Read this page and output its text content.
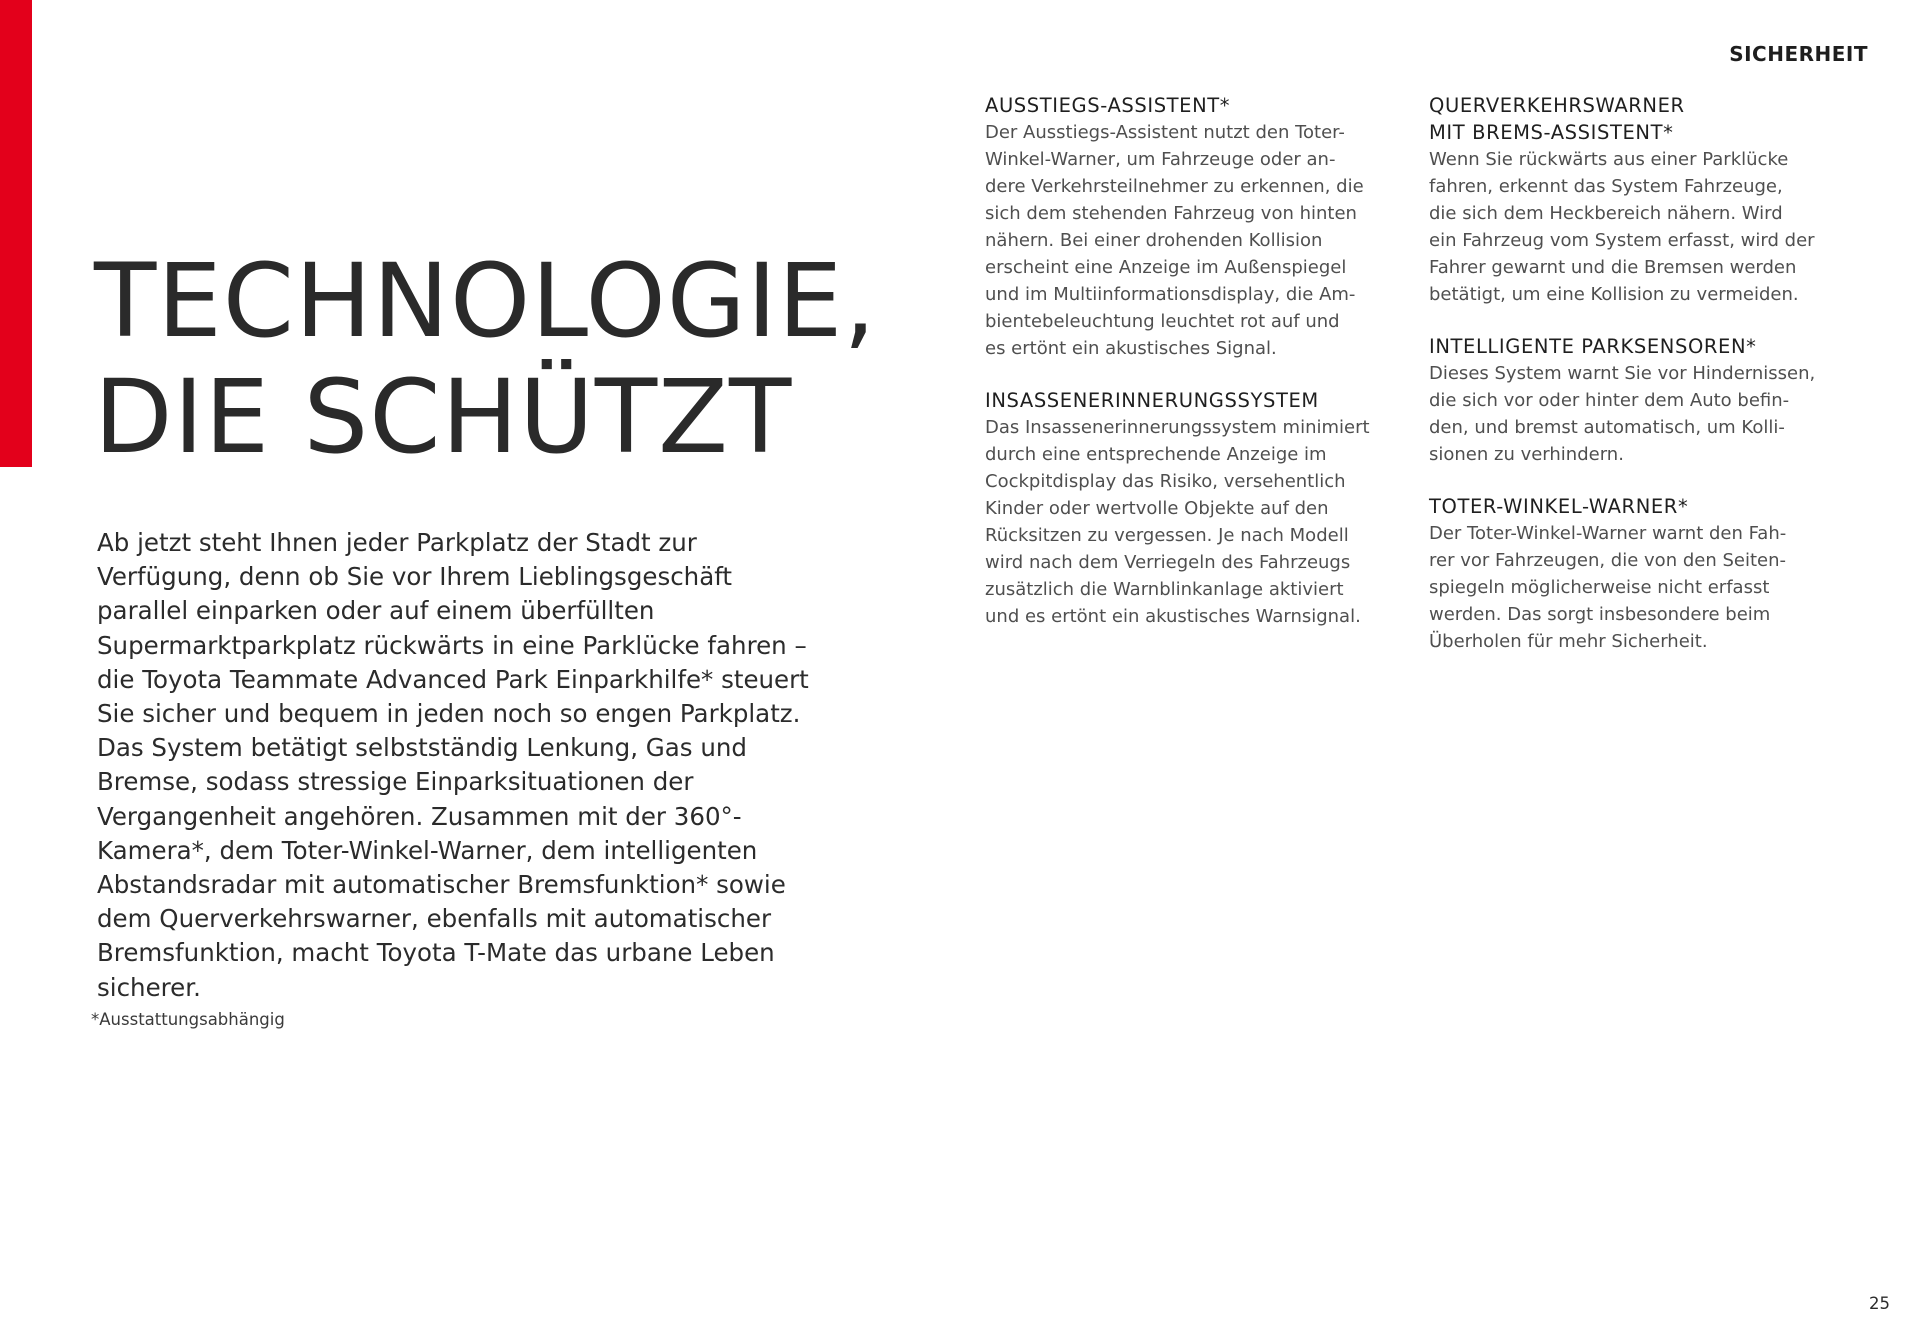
SICHERHEIT
TECHNOLOGIE,
DIE SCHÜTZT

Ab jetzt steht Ihnen jeder Parkplatz der Stadt zur Verfügung, denn ob Sie vor Ihrem Lieblingsgeschäft parallel einparken oder auf einem überfüllten Supermarktparkplatz rückwärts in eine Parklücke fahren – die Toyota Teammate Advanced Park Einparkhilfe* steuert Sie sicher und bequem in jeden noch so engen Parkplatz. Das System betätigt selbstständig Lenkung, Gas und Bremse, sodass stressige Einparksituationen der Vergangenheit angehören. Zusammen mit der 360°-Kamera*, dem Toter-Winkel-Warner, dem intelligenten Abstandsradar mit automatischer Bremsfunktion* sowie dem Querverkehrswarner, ebenfalls mit automatischer Bremsfunktion, macht Toyota T-Mate das urbane Leben sicherer.

*Ausstattungsabhängig
AUSSTIEGS-ASSISTENT*

Der Ausstiegs-Assistent nutzt den Toter-
Winkel-Warner, um Fahrzeuge oder an-
dere Verkehrsteilnehmer zu erkennen, die
sich dem stehenden Fahrzeug von hinten
nähern. Bei einer drohenden Kollision
erscheint eine Anzeige im Außenspiegel
und im Multiinformationsdisplay, die Am-
bientebeleuchtung leuchtet rot auf und
es ertönt ein akustisches Signal.

INSASSENERINNERUNGSSYSTEM

Das Insassenerinnerungssystem minimiert
durch eine entsprechende Anzeige im
Cockpitdisplay das Risiko, versehentlich
Kinder oder wertvolle Objekte auf den
Rücksitzen zu vergessen. Je nach Modell
wird nach dem Verriegeln des Fahrzeugs
zusätzlich die Warnblinkanlage aktiviert
und es ertönt ein akustisches Warnsignal.

QUERVERKEHRSWARNER
MIT BREMS-ASSISTENT*

Wenn Sie rückwärts aus einer Parklücke
fahren, erkennt das System Fahrzeuge,
die sich dem Heckbereich nähern. Wird
ein Fahrzeug vom System erfasst, wird der
Fahrer gewarnt und die Bremsen werden
betätigt, um eine Kollision zu vermeiden.

INTELLIGENTE PARKSENSOREN*

Dieses System warnt Sie vor Hindernissen,
die sich vor oder hinter dem Auto befin-
den, und bremst automatisch, um Kolli-
sionen zu verhindern.

TOTER-WINKEL-WARNER*

Der Toter-Winkel-Warner warnt den Fah-
rer vor Fahrzeugen, die von den Seiten-
spiegeln möglicherweise nicht erfasst
werden. Das sorgt insbesondere beim
Überholen für mehr Sicherheit.

25
